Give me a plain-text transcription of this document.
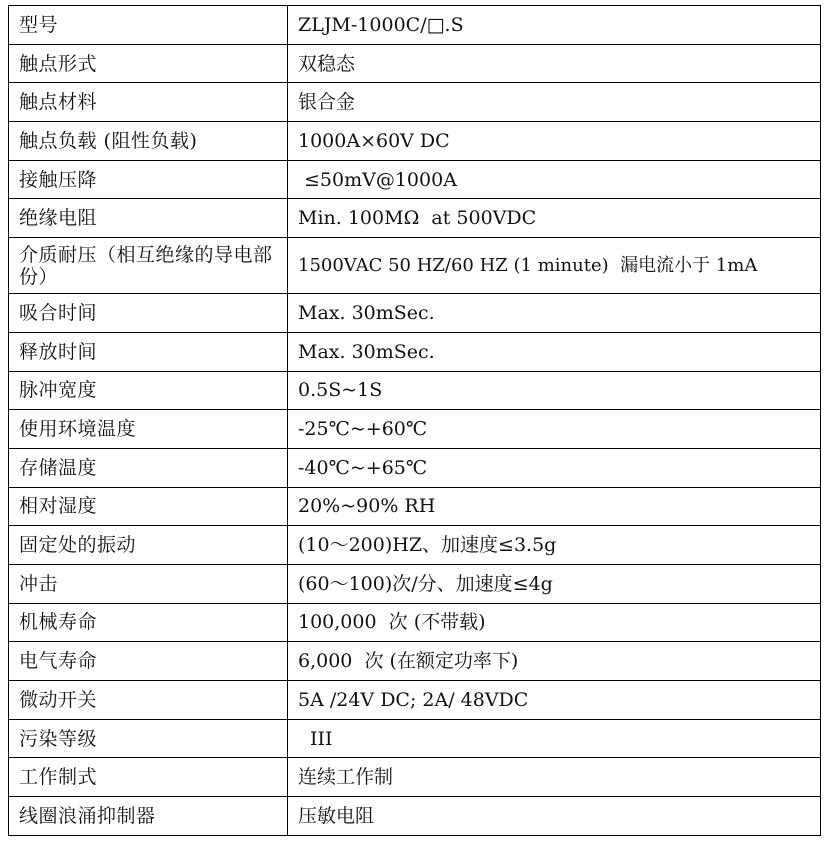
型号	ZLJM-1000C/□.S
触点形式	双稳态
触点材料	银合金
触点负载 (阻性负载)	1000A×60V DC
接触压降	≤50mV@1000A
绝缘电阻	Min. 100MΩ  at 500VDC
介质耐压（相互绝缘的导电部份）	1500VAC 50 HZ/60 HZ (1 minute)  漏电流小于 1mA
吸合时间	Max. 30mSec.
释放时间	Max. 30mSec.
脉冲宽度	0.5S~1S
使用环境温度	-25℃~+60℃
存储温度	-40℃~+65℃
相对湿度	20%~90% RH
固定处的振动	(10～200)HZ、加速度≤3.5g
冲击	(60～100)次/分、加速度≤4g
机械寿命	100,000  次 (不带载)
电气寿命	6,000  次 (在额定功率下)
微动开关	5A /24V DC; 2A/ 48VDC
污染等级	III
工作制式	连续工作制
线圈浪涌抑制器	压敏电阻
